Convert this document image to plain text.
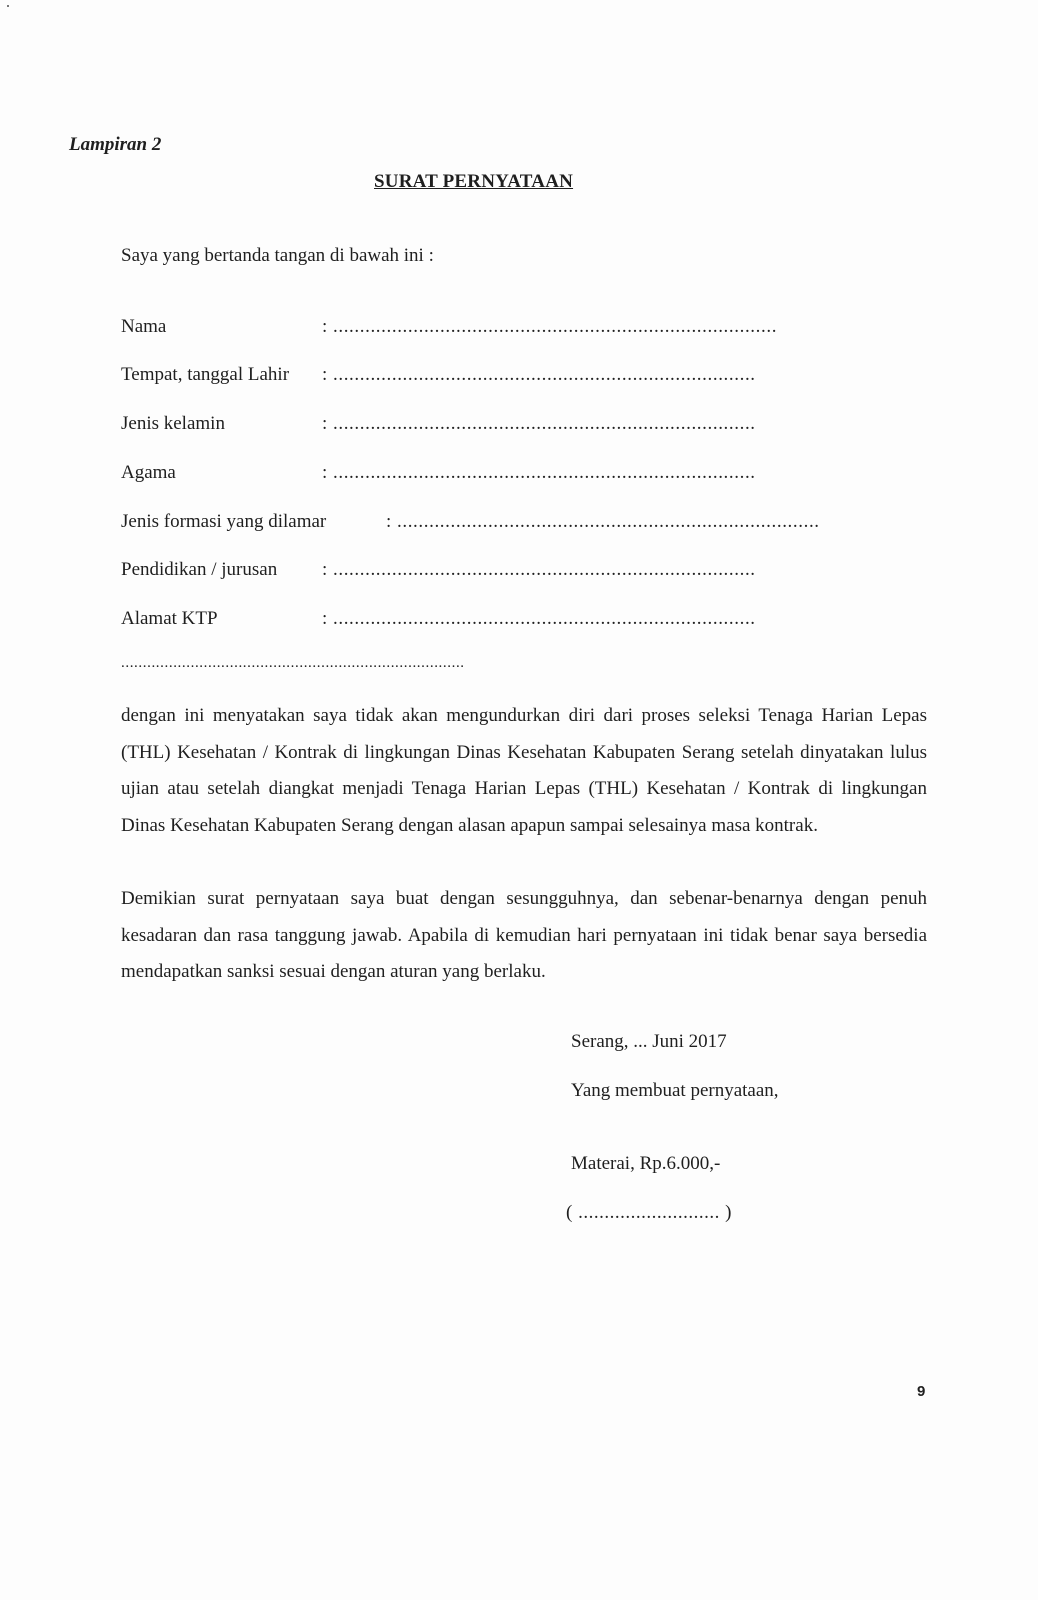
Lampiran 2
SURAT PERNYATAAN
Saya yang bertanda tangan di bawah ini :
Nama	: ...................................................................................
Tempat, tanggal Lahir : ...............................................................................
Jenis kelamin	: ...............................................................................
Agama	: ...............................................................................
Jenis formasi yang dilamar	: ...............................................................................
Pendidikan / jurusan : ...............................................................................
Alamat KTP	: ...............................................................................
...............................................................................
dengan ini menyatakan saya tidak akan mengundurkan diri dari proses seleksi Tenaga Harian Lepas (THL) Kesehatan / Kontrak di lingkungan Dinas Kesehatan Kabupaten Serang setelah dinyatakan lulus ujian atau setelah diangkat menjadi Tenaga Harian Lepas (THL) Kesehatan / Kontrak di lingkungan Dinas Kesehatan Kabupaten Serang dengan alasan apapun sampai selesainya masa kontrak.
Demikian surat pernyataan saya buat dengan sesungguhnya, dan sebenar-benarnya dengan penuh kesadaran dan rasa tanggung jawab. Apabila di kemudian hari pernyataan ini tidak benar saya bersedia mendapatkan sanksi sesuai dengan aturan yang berlaku.
Serang, ... Juni 2017
Yang membuat pernyataan,
Materai, Rp.6.000,-
( ........................... )
9
